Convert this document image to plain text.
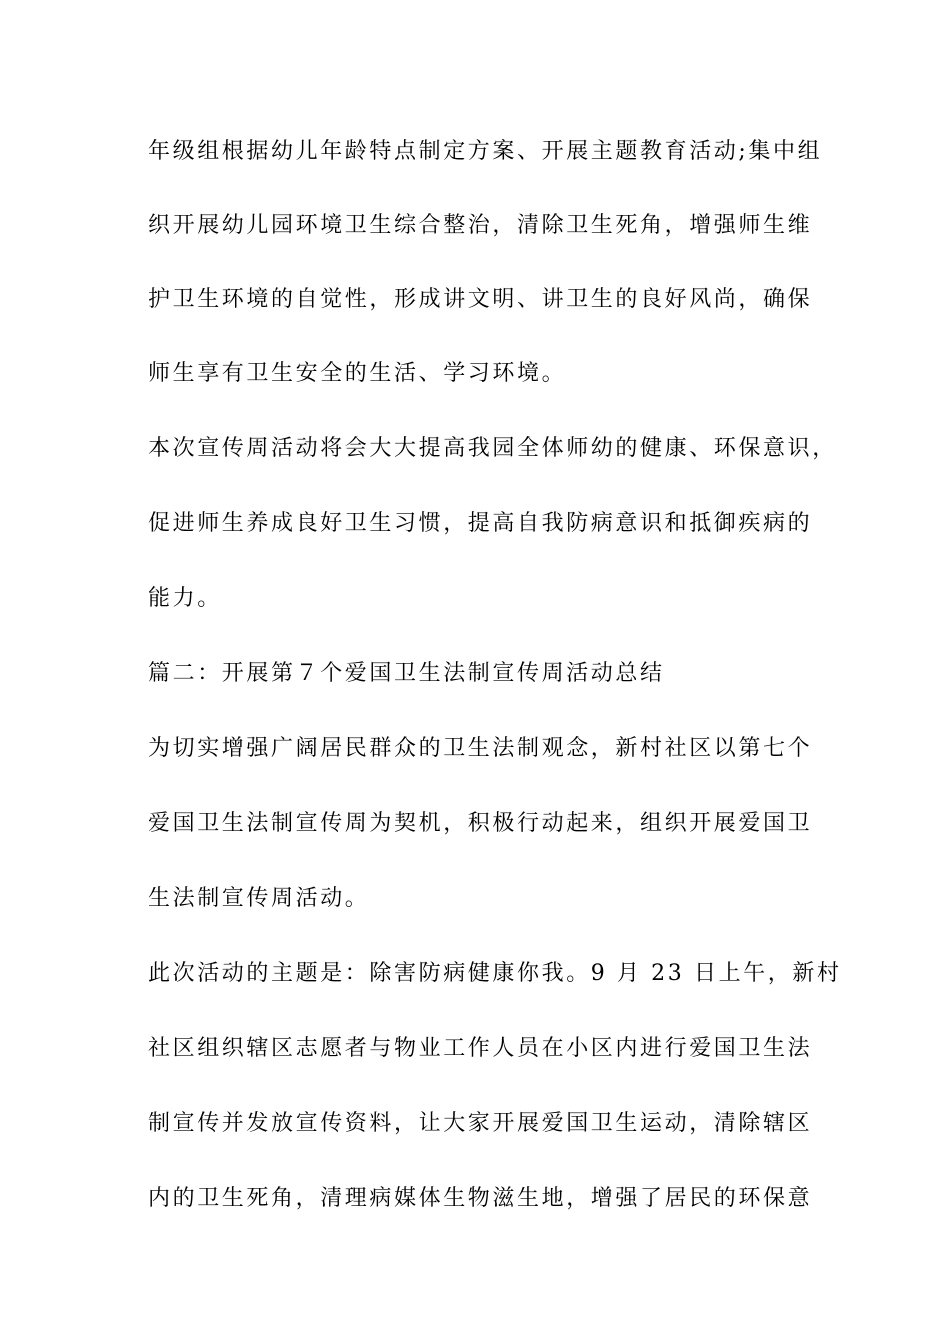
年级组根据幼儿年龄特点制定方案、开展主题教育活动;集中组

织开展幼儿园环境卫生综合整治，清除卫生死角，增强师生维

护卫生环境的自觉性，形成讲文明、讲卫生的良好风尚，确保

师生享有卫生安全的生活、学习环境。

本次宣传周活动将会大大提高我园全体师幼的健康、环保意识，

促进师生养成良好卫生习惯，提高自我防病意识和抵御疾病的

能力。

篇二：开展第７个爱国卫生法制宣传周活动总结

为切实增强广阔居民群众的卫生法制观念，新村社区以第七个

爱国卫生法制宣传周为契机，积极行动起来，组织开展爱国卫

生法制宣传周活动。

此次活动的主题是：除害防病健康你我。9 月 23 日上午，新村

社区组织辖区志愿者与物业工作人员在小区内进行爱国卫生法

制宣传并发放宣传资料，让大家开展爱国卫生运动，清除辖区

内的卫生死角，清理病媒体生物滋生地，增强了居民的环保意
